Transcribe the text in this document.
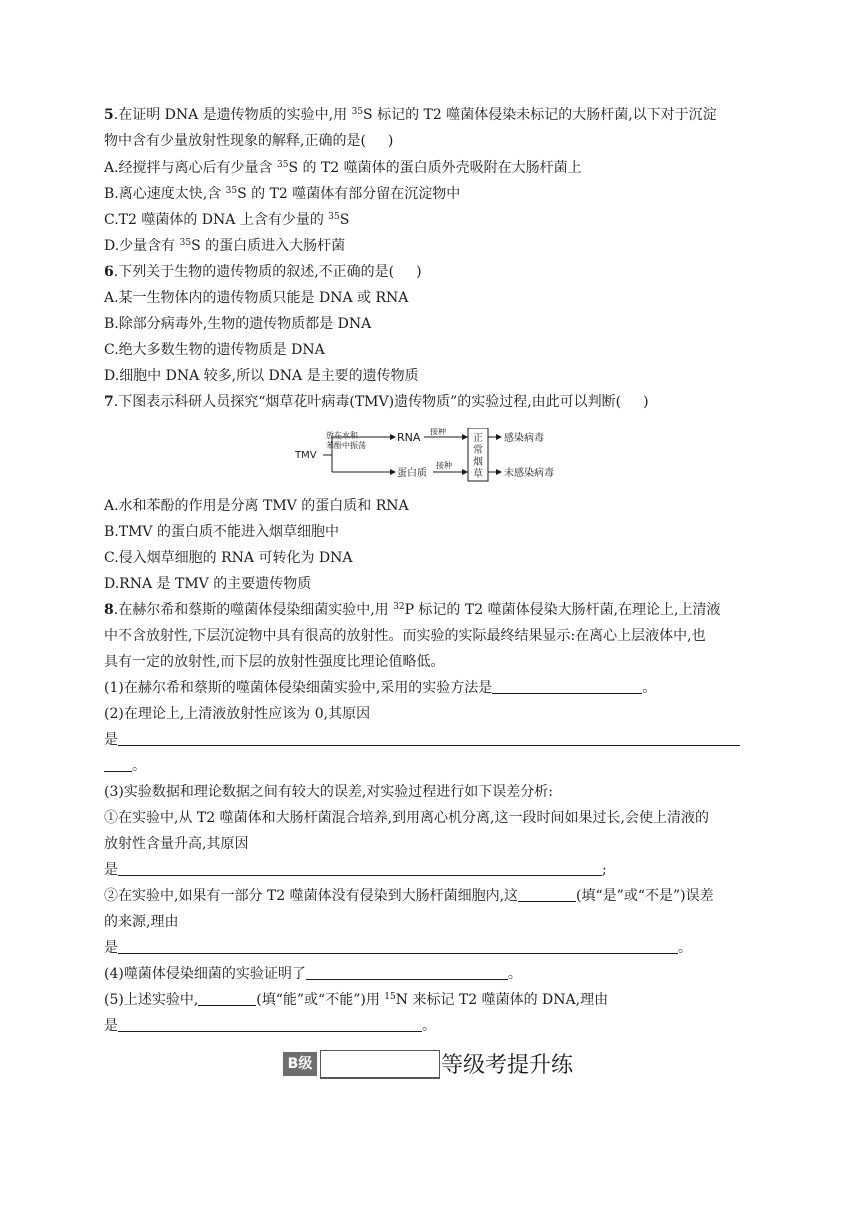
5.在证明 DNA 是遗传物质的实验中,用 $^{35}$S 标记的 T2 噬菌体侵染未标记的大肠杆菌,以下对于沉淀
物中含有少量放射性现象的解释,正确的是( )
A.经搅拌与离心后有少量含 $^{35}$S 的 T2 噬菌体的蛋白质外壳吸附在大肠杆菌上
B.离心速度太快,含 $^{35}$S 的 T2 噬菌体有部分留在沉淀物中
C.T2 噬菌体的 DNA 上含有少量的 $^{35}$S
D.少量含有 $^{35}$S 的蛋白质进入大肠杆菌
6.下列关于生物的遗传物质的叙述,不正确的是( )
A.某一生物体内的遗传物质只能是 DNA 或 RNA
B.除部分病毒外,生物的遗传物质都是 DNA
C.绝大多数生物的遗传物质是 DNA
D.细胞中 DNA 较多,所以 DNA 是主要的遗传物质
7.下图表示科研人员探究“烟草花叶病毒(TMV)遗传物质”的实验过程,由此可以判断( )
TMV
放在水和
苯酚中振荡
RNA
蛋白质
接种
接种
正
常
烟
草
感染病毒
未感染病毒
A.水和苯酚的作用是分离 TMV 的蛋白质和 RNA
B.TMV 的蛋白质不能进入烟草细胞中
C.侵入烟草细胞的 RNA 可转化为 DNA
D.RNA 是 TMV 的主要遗传物质
8.在赫尔希和蔡斯的噬菌体侵染细菌实验中,用 $^{32}$P 标记的 T2 噬菌体侵染大肠杆菌,在理论上,上清液
中不含放射性,下层沉淀物中具有很高的放射性。而实验的实际最终结果显示:在离心上层液体中,也
具有一定的放射性,而下层的放射性强度比理论值略低。
(1)在赫尔希和蔡斯的噬菌体侵染细菌实验中,采用的实验方法是	。
(2)在理论上,上清液放射性应该为 0,其原因
是
。
(3)实验数据和理论数据之间有较大的误差,对实验过程进行如下误差分析:
①在实验中,从 T2 噬菌体和大肠杆菌混合培养,到用离心机分离,这一段时间如果过长,会使上清液的
放射性含量升高,其原因
是	;
②在实验中,如果有一部分 T2 噬菌体没有侵染到大肠杆菌细胞内,这	(填“是”或“不是”)误差
的来源,理由
是	。
(4)噬菌体侵染细菌的实验证明了	。
(5)上述实验中,	(填“能”或“不能”)用 $^{15}$N 来标记 T2 噬菌体的 DNA,理由
是	。
B级	等级考提升练
